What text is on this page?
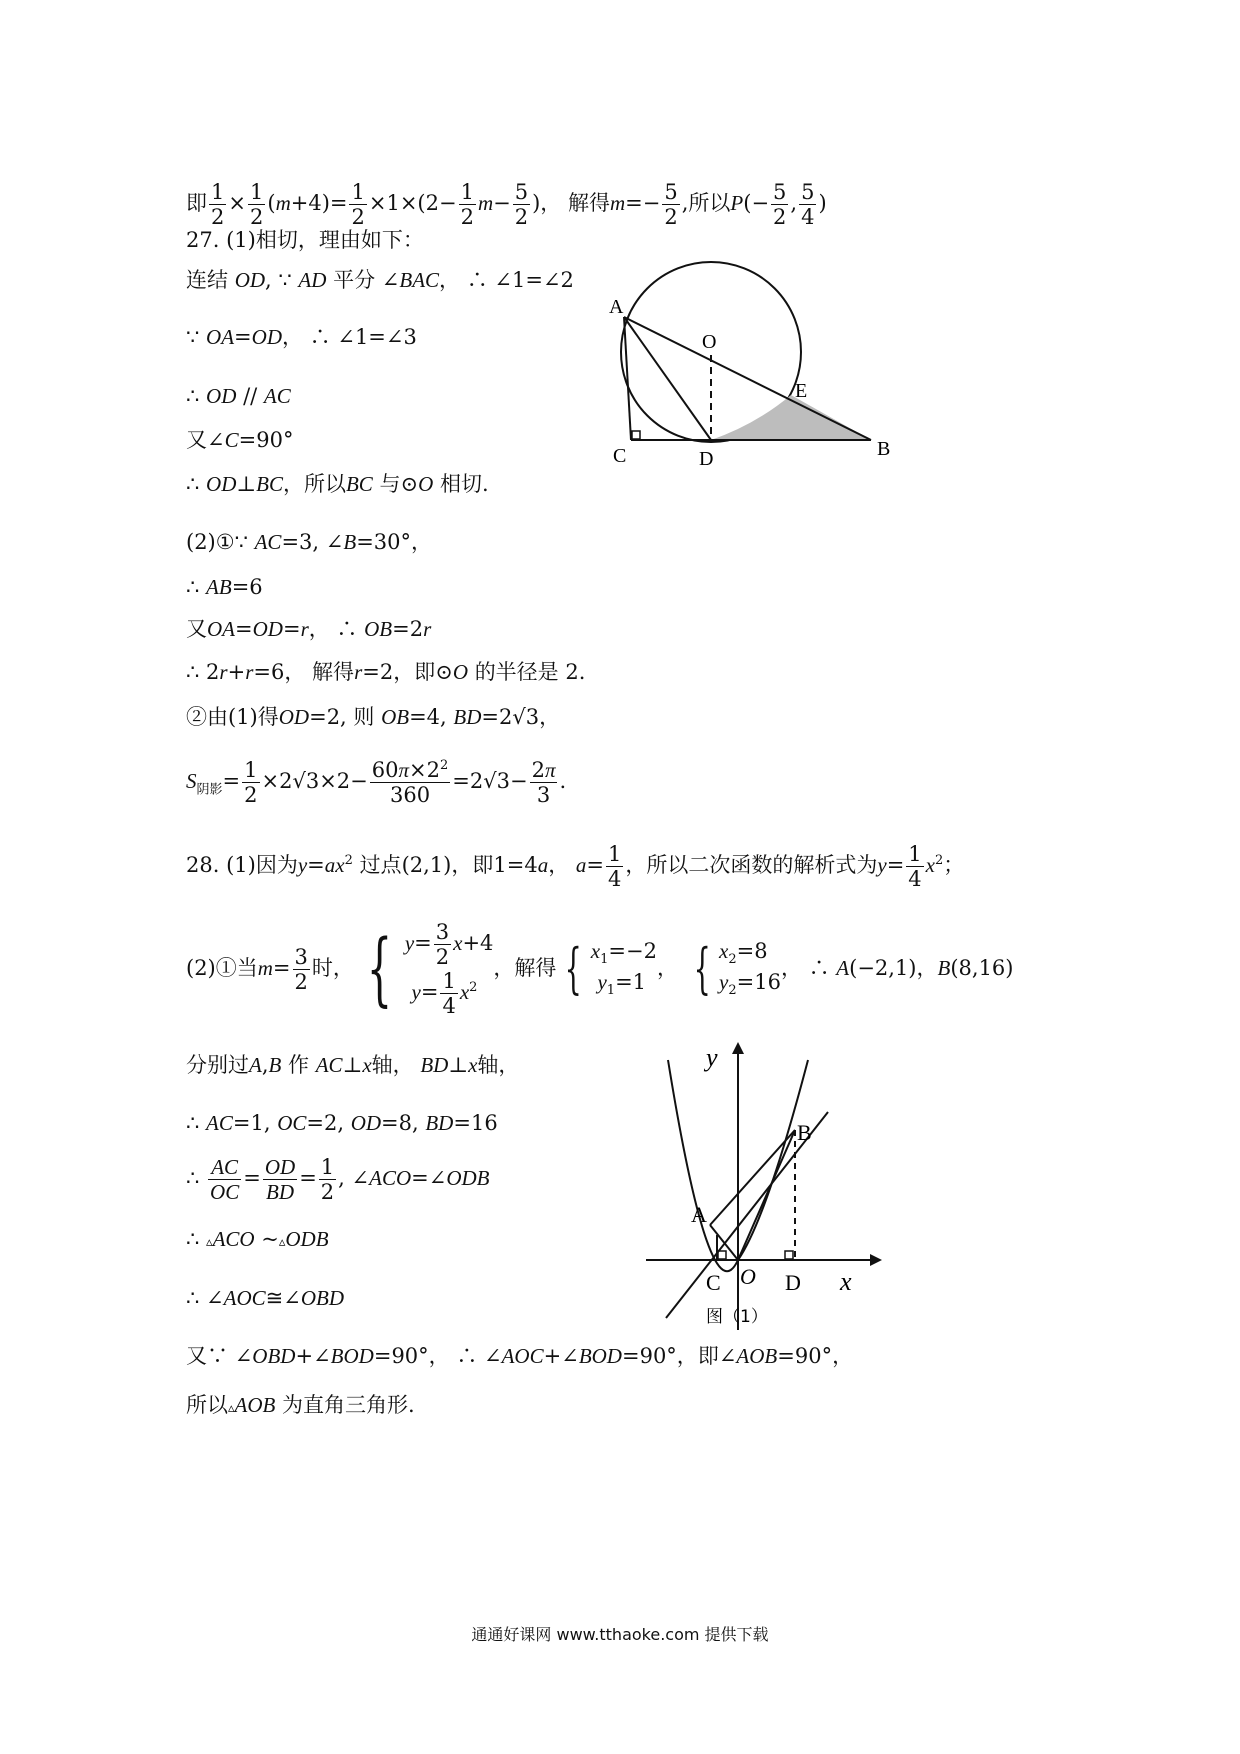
即 $\frac{1}{2} \times \frac{1}{2} (m+4)= \frac{1}{2} \times 1\times(2- \frac{1}{2} m- \frac{5}{2}$ )， 解得$m=- \frac{5}{2}$ ,所以$P(- \frac{5}{2}$ , $\frac{5}{4}$ )
27. (1)相切，理由如下：
连结 OD, ∵ AD 平分 ∠BAC， ∴ ∠1=∠2
∵ OA=OD， ∴ ∠1=∠3
∴ OD // AC
又∠C=90°
∴ OD⊥BC，所以BC 与⊙O 相切.
A
O
E
C	D	B
(2)①∵ AC=3, ∠B=30°，
∴ AB=6
又OA=OD=r， ∴ OB=2r
∴ 2r+r=6， 解得r=2，即⊙O 的半径是 2.
②由(1)得OD=2, 则 OB=4, BD=2√3，
$S_{阴影}= \frac{1}{2} \times 2√3\times 2- \frac{60\pi\times 2^2}{360} =2√3- \frac{2\pi}{3}$ .
28. (1)因为$y=ax^2$ 过点(2,1)，即1=4a， $a= \frac{1}{4}$ ，所以二次函数的解析式为$y= \frac{1}{4} x^2$；
(2)①当$m= \frac{3}{2}$ 时， { $y= \frac{3}{2} x+4$
$y= \frac{1}{4} x^2$
，解得 { $x_1=-2$
$y_1=1$
， { $x_2=8$
$y_2=16$
， ∴ A(−2,1)，B(8,16)
分别过A,B 作 AC⊥x轴， BD⊥x轴，
∴ AC=1, OC=2, OD=8, BD=16
∴ $\frac{AC}{OC} = \frac{OD}{BD} = \frac{1}{2}$ , ∠ACO=∠ODB
∴ ▵ACO ~▵ODB
∴ ∠AOC≅∠OBD
又∵ ∠OBD+∠BOD=90°， ∴ ∠AOC+∠BOD=90°，即∠AOB=90°，
所以▵AOB 为直角三角形.
y
x
A
B
C O D
图（1）
通通好课网 www.tthaoke.com 提供下载
